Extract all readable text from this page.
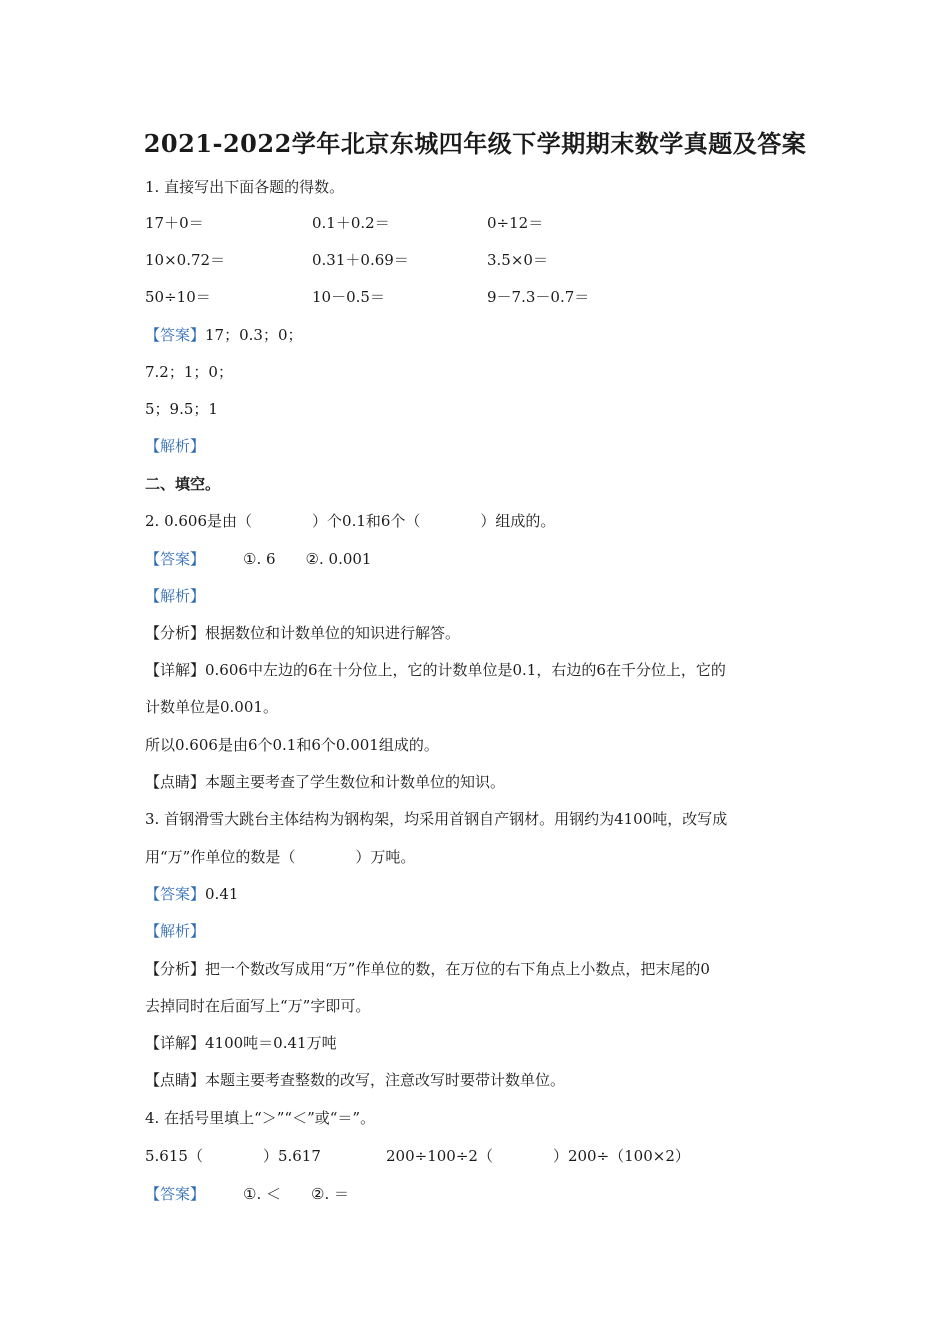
2021-2022学年北京东城四年级下学期期末数学真题及答案
1. 直接写出下面各题的得数。
17＋0＝	0.1＋0.2＝	0÷12＝
10×0.72＝	0.31＋0.69＝	3.5×0＝
50÷10＝	10－0.5＝	9－7.3－0.7＝
【答案】17；0.3；0；
7.2；1；0；
5；9.5；1
【解析】
二、填空。
2. 0.606是由（　　　　）个0.1和6个（　　　　）组成的。
【答案】	①. 6　　②. 0.001
【解析】
【分析】根据数位和计数单位的知识进行解答。
【详解】0.606中左边的6在十分位上，它的计数单位是0.1，右边的6在千分位上，它的
计数单位是0.001。
所以0.606是由6个0.1和6个0.001组成的。
【点睛】本题主要考查了学生数位和计数单位的知识。
3. 首钢滑雪大跳台主体结构为钢构架，均采用首钢自产钢材。用钢约为4100吨，改写成
用“万”作单位的数是（　　　　）万吨。
【答案】0.41
【解析】
【分析】把一个数改写成用“万”作单位的数，在万位的右下角点上小数点，把末尾的0
去掉同时在后面写上“万”字即可。
【详解】4100吨＝0.41万吨
【点睛】本题主要考查整数的改写，注意改写时要带计数单位。
4. 在括号里填上“＞”“＜”或“＝”。
5.615（　　　　）5.617	200÷100÷2（　　　　）200÷（100×2）
【答案】	①. ＜　　②. ＝
